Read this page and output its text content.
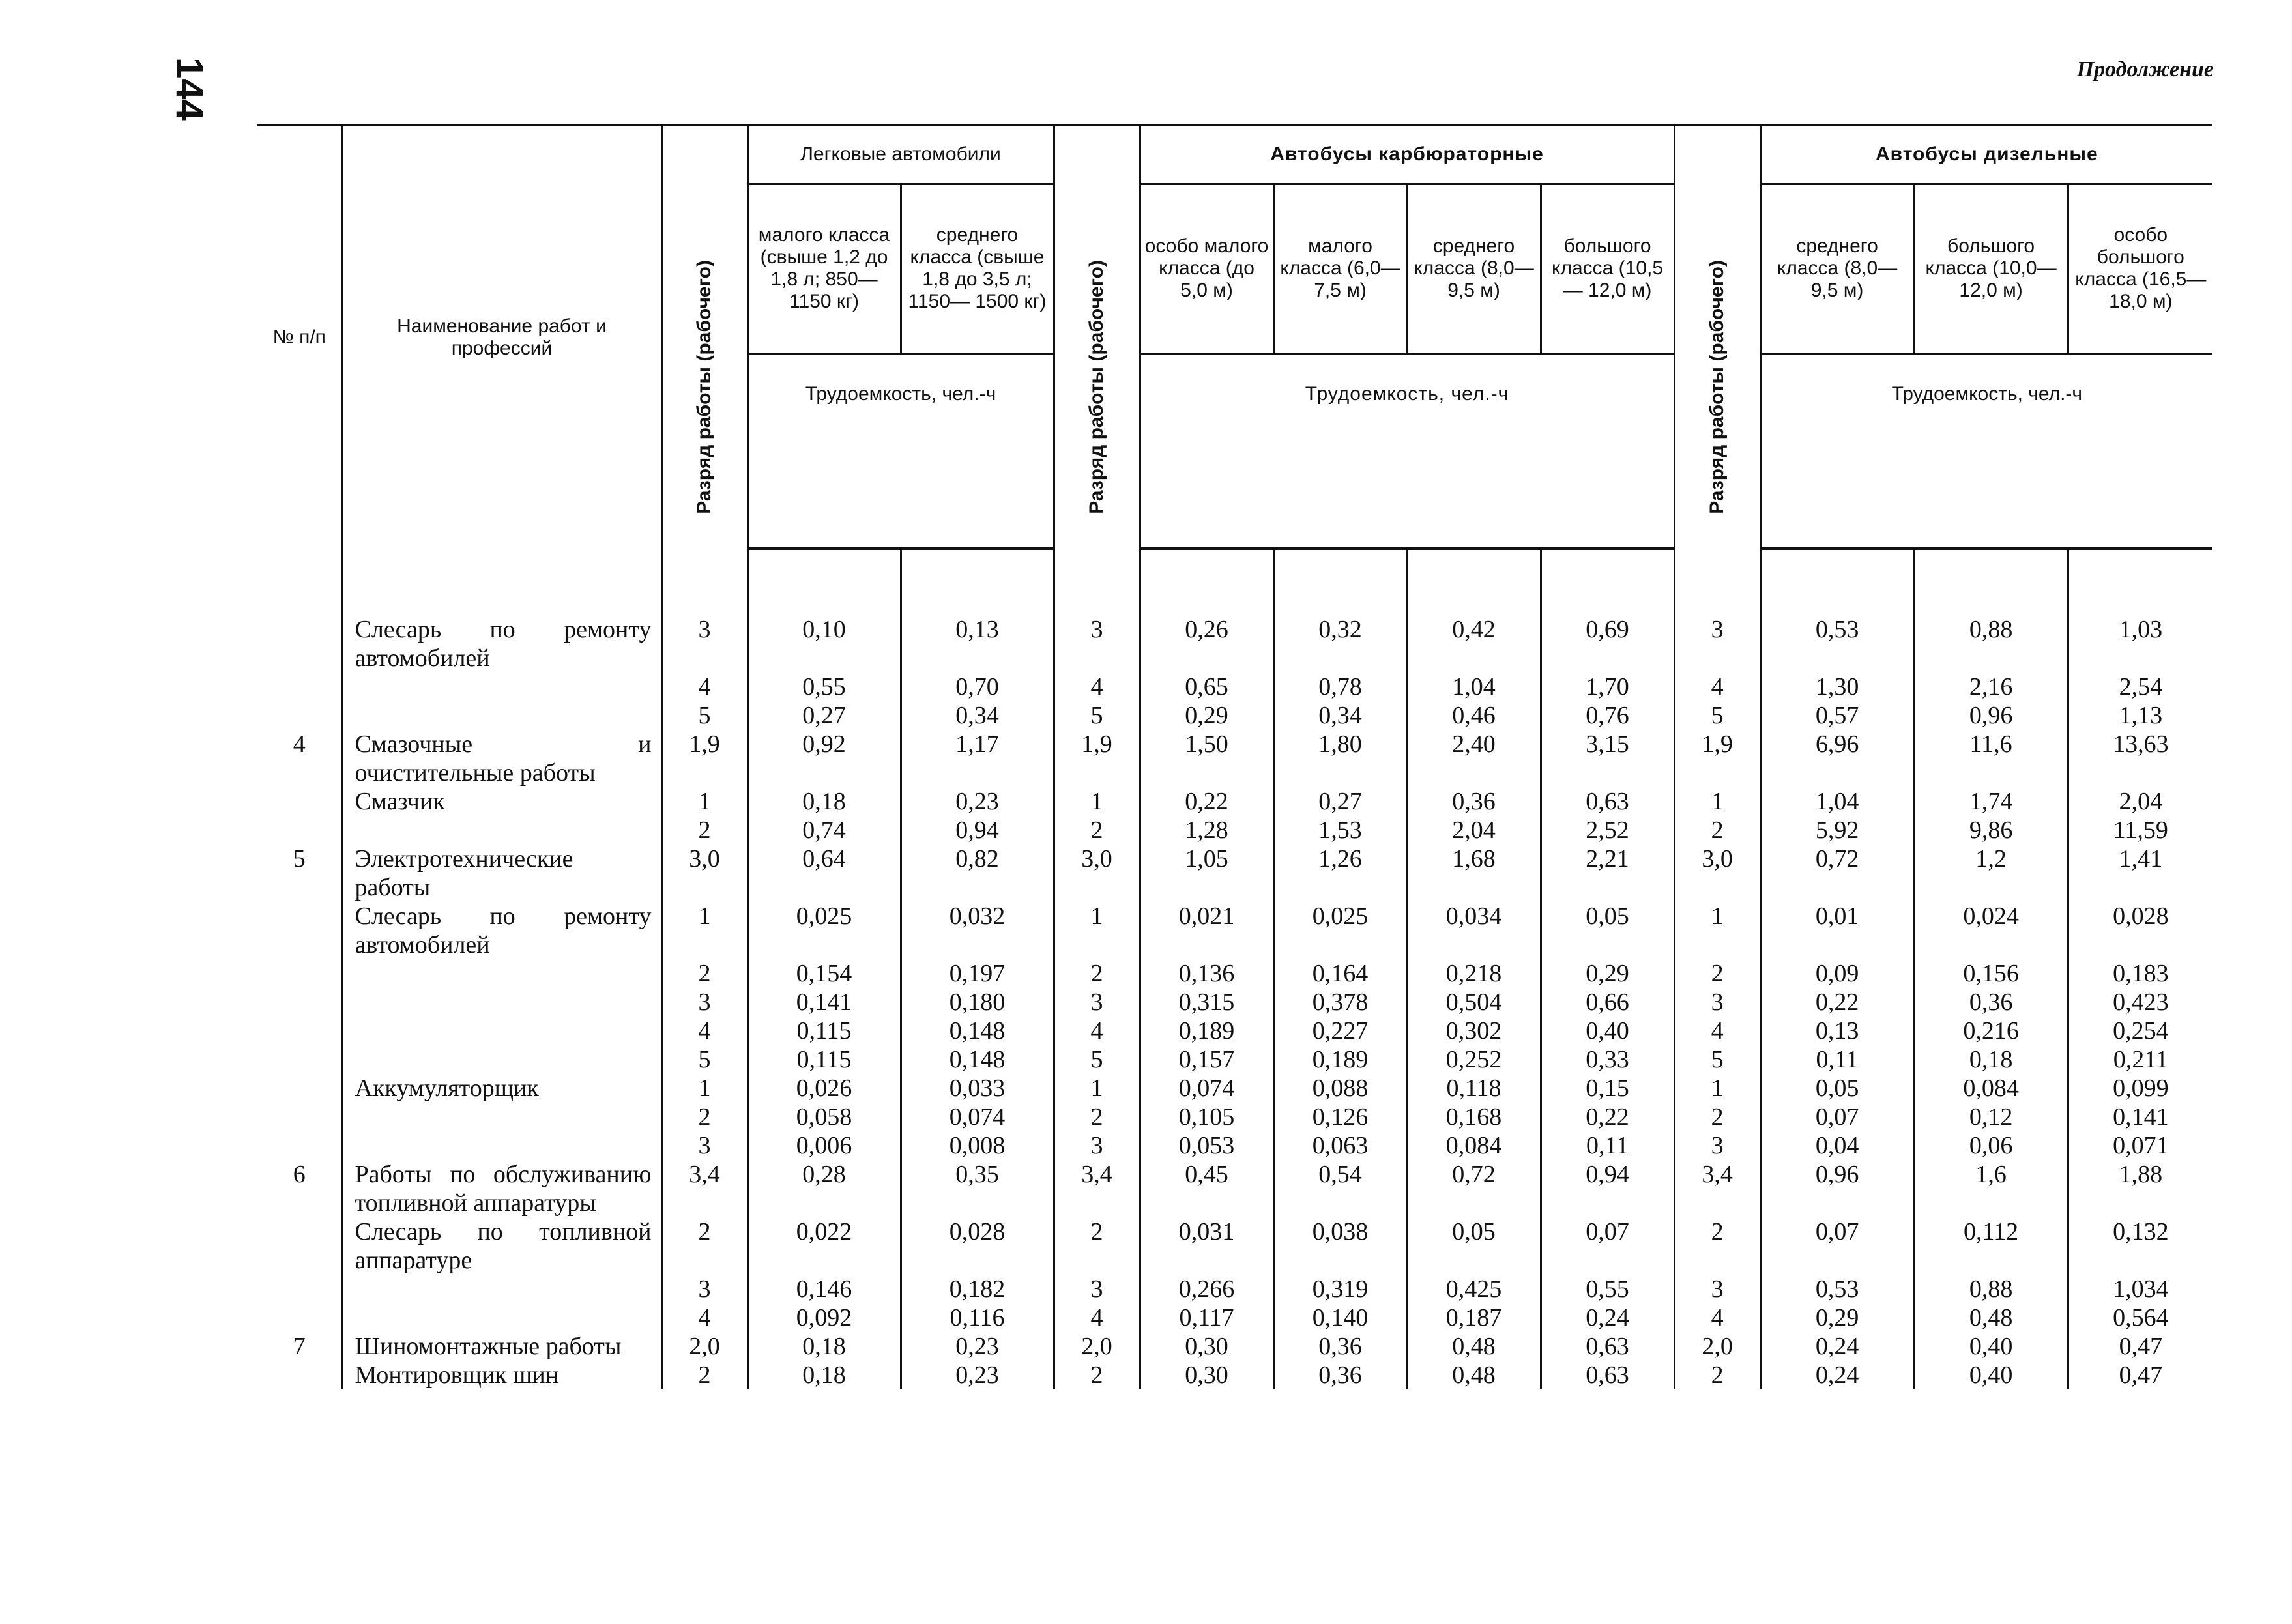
144	Продолжение
№ п/п	Наименование работ и профессий	Разряд работы (рабочего)	Легковые автомобили		Разряд работы (рабочего)	Автобусы карбюраторные				Разряд работы (рабочего)	Автобусы дизельные		
			малого класса (свыше 1,2 до 1,8 л; 850— 1150 кг)	среднего класса (свыше 1,8 до 3,5 л; 1150— 1500 кг)		особо малого класса (до 5,0 м)	малого класса (6,0— 7,5 м)	среднего класса (8,0— 9,5 м)	большого класса (10,5— 12,0 м)		среднего класса (8,0— 9,5 м)	большого класса (10,0— 12,0 м)	особо большого класса (16,5— 18,0 м)
			Трудоемкость, чел.-ч			Трудоемкость, чел.-ч					Трудоемкость, чел.-ч		

	Слесарь по ремонту автомобилей	3	0,10	0,13	3	0,26	0,32	0,42	0,69	3	0,53	0,88	1,03
		4	0,55	0,70	4	0,65	0,78	1,04	1,70	4	1,30	2,16	2,54
		5	0,27	0,34	5	0,29	0,34	0,46	0,76	5	0,57	0,96	1,13
4	Смазочные и очистительные работы	1,9	0,92	1,17	1,9	1,50	1,80	2,40	3,15	1,9	6,96	11,6	13,63
	Смазчик	1	0,18	0,23	1	0,22	0,27	0,36	0,63	1	1,04	1,74	2,04
		2	0,74	0,94	2	1,28	1,53	2,04	2,52	2	5,92	9,86	11,59
5	Электротехнические работы	3,0	0,64	0,82	3,0	1,05	1,26	1,68	2,21	3,0	0,72	1,2	1,41
	Слесарь по ремонту автомобилей	1	0,025	0,032	1	0,021	0,025	0,034	0,05	1	0,01	0,024	0,028
		2	0,154	0,197	2	0,136	0,164	0,218	0,29	2	0,09	0,156	0,183
		3	0,141	0,180	3	0,315	0,378	0,504	0,66	3	0,22	0,36	0,423
		4	0,115	0,148	4	0,189	0,227	0,302	0,40	4	0,13	0,216	0,254
		5	0,115	0,148	5	0,157	0,189	0,252	0,33	5	0,11	0,18	0,211
	Аккумуляторщик	1	0,026	0,033	1	0,074	0,088	0,118	0,15	1	0,05	0,084	0,099
		2	0,058	0,074	2	0,105	0,126	0,168	0,22	2	0,07	0,12	0,141
		3	0,006	0,008	3	0,053	0,063	0,084	0,11	3	0,04	0,06	0,071
6	Работы по обслуживанию топливной аппаратуры	3,4	0,28	0,35	3,4	0,45	0,54	0,72	0,94	3,4	0,96	1,6	1,88
	Слесарь по топливной аппаратуре	2	0,022	0,028	2	0,031	0,038	0,05	0,07	2	0,07	0,112	0,132
		3	0,146	0,182	3	0,266	0,319	0,425	0,55	3	0,53	0,88	1,034
		4	0,092	0,116	4	0,117	0,140	0,187	0,24	4	0,29	0,48	0,564
7	Шиномонтажные работы	2,0	0,18	0,23	2,0	0,30	0,36	0,48	0,63	2,0	0,24	0,40	0,47
	Монтировщик шин	2	0,18	0,23	2	0,30	0,36	0,48	0,63	2	0,24	0,40	0,47
